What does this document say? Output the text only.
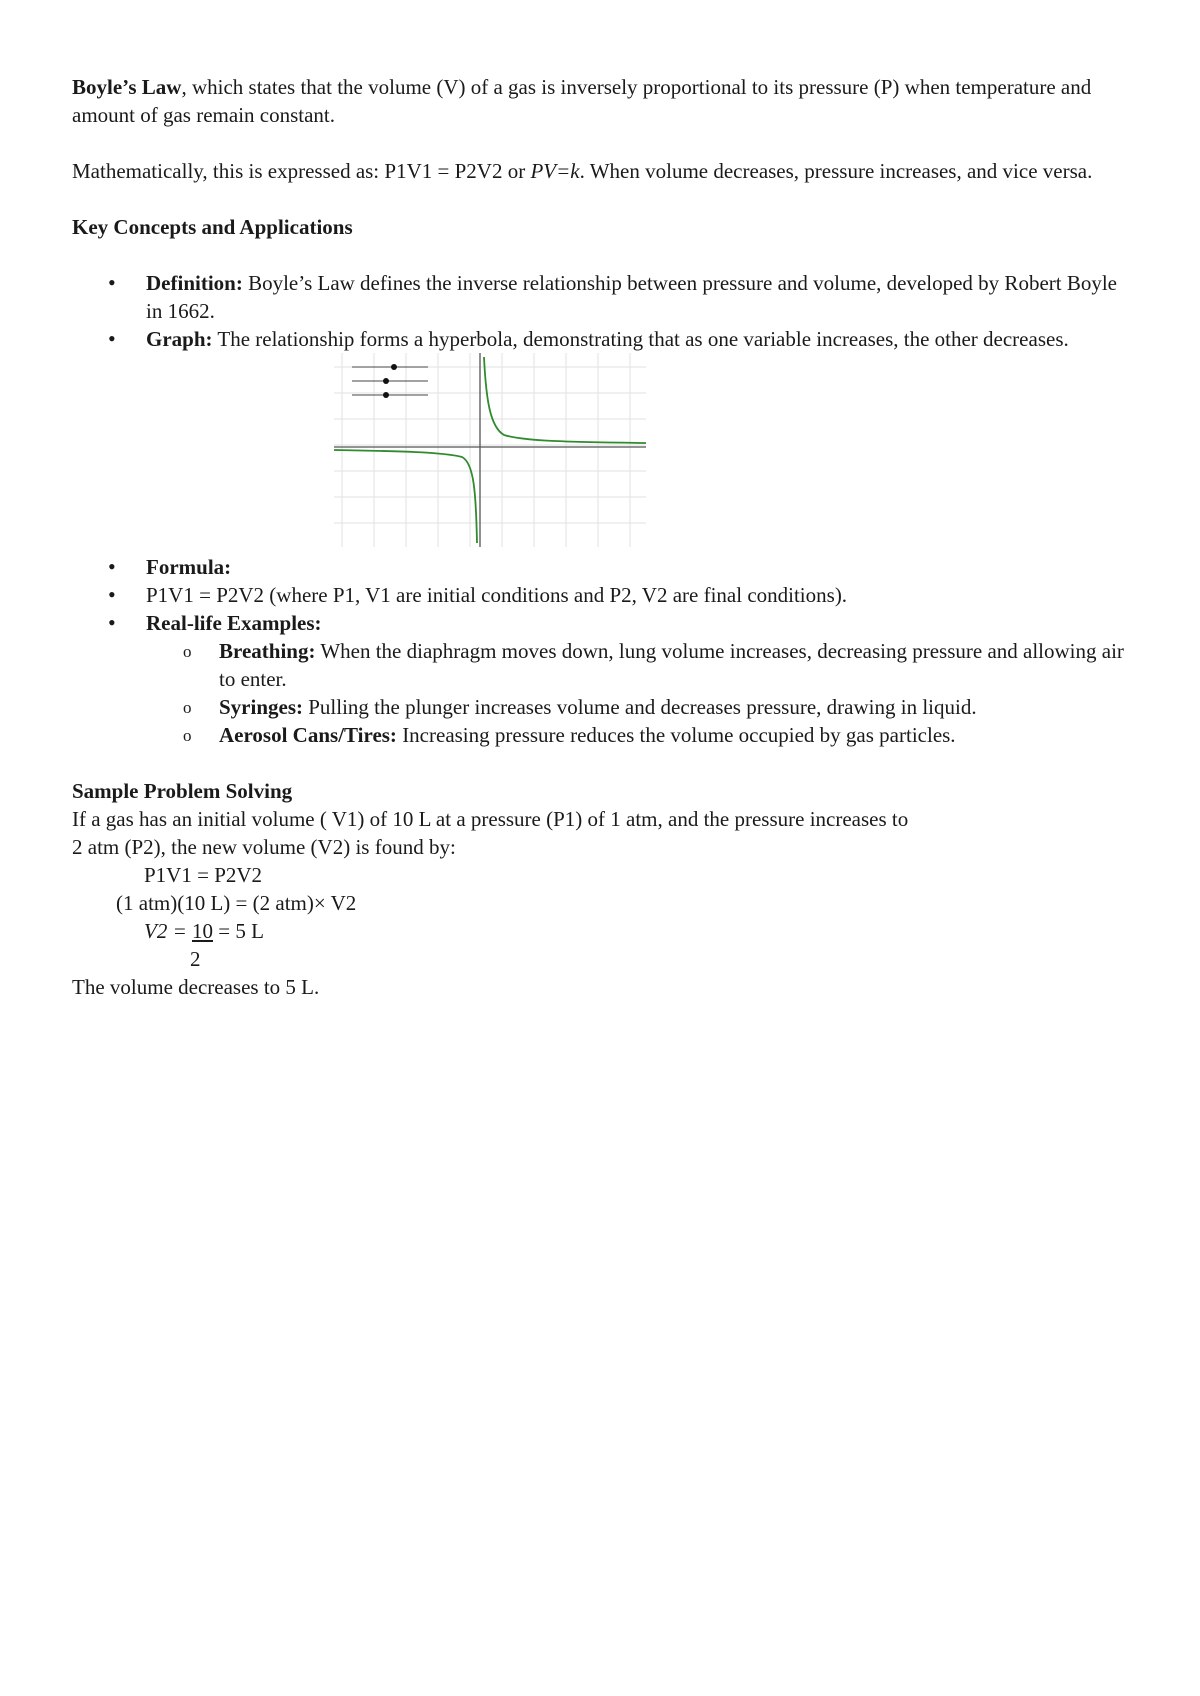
Boyle’s Law, which states that the volume (V) of a gas is inversely proportional to its pressure (P) when temperature and amount of gas remain constant.

Mathematically, this is expressed as: P1V1 = P2V2 or PV=k. When volume decreases, pressure increases, and vice versa.

Key Concepts and Applications

• Definition: Boyle’s Law defines the inverse relationship between pressure and volume, developed by Robert Boyle in 1662.
• Graph: The relationship forms a hyperbola, demonstrating that as one variable increases, the other decreases.
• Formula:
• P1V1 = P2V2 (where P1, V1 are initial conditions and P2, V2 are final conditions).
• Real-life Examples:
o Breathing: When the diaphragm moves down, lung volume increases, decreasing pressure and allowing air to enter.
o Syringes: Pulling the plunger increases volume and decreases pressure, drawing in liquid.
o Aerosol Cans/Tires: Increasing pressure reduces the volume occupied by gas particles.

Sample Problem Solving

If a gas has an initial volume ( V1) of 10 L at a pressure (P1) of 1 atm, and the pressure increases to

2 atm (P2), the new volume (V2) is found by:

P1V1 = P2V2

(1 atm)(10 L) = (2 atm)× V2

V2 = 10 = 5 L

2

The volume decreases to 5 L.
